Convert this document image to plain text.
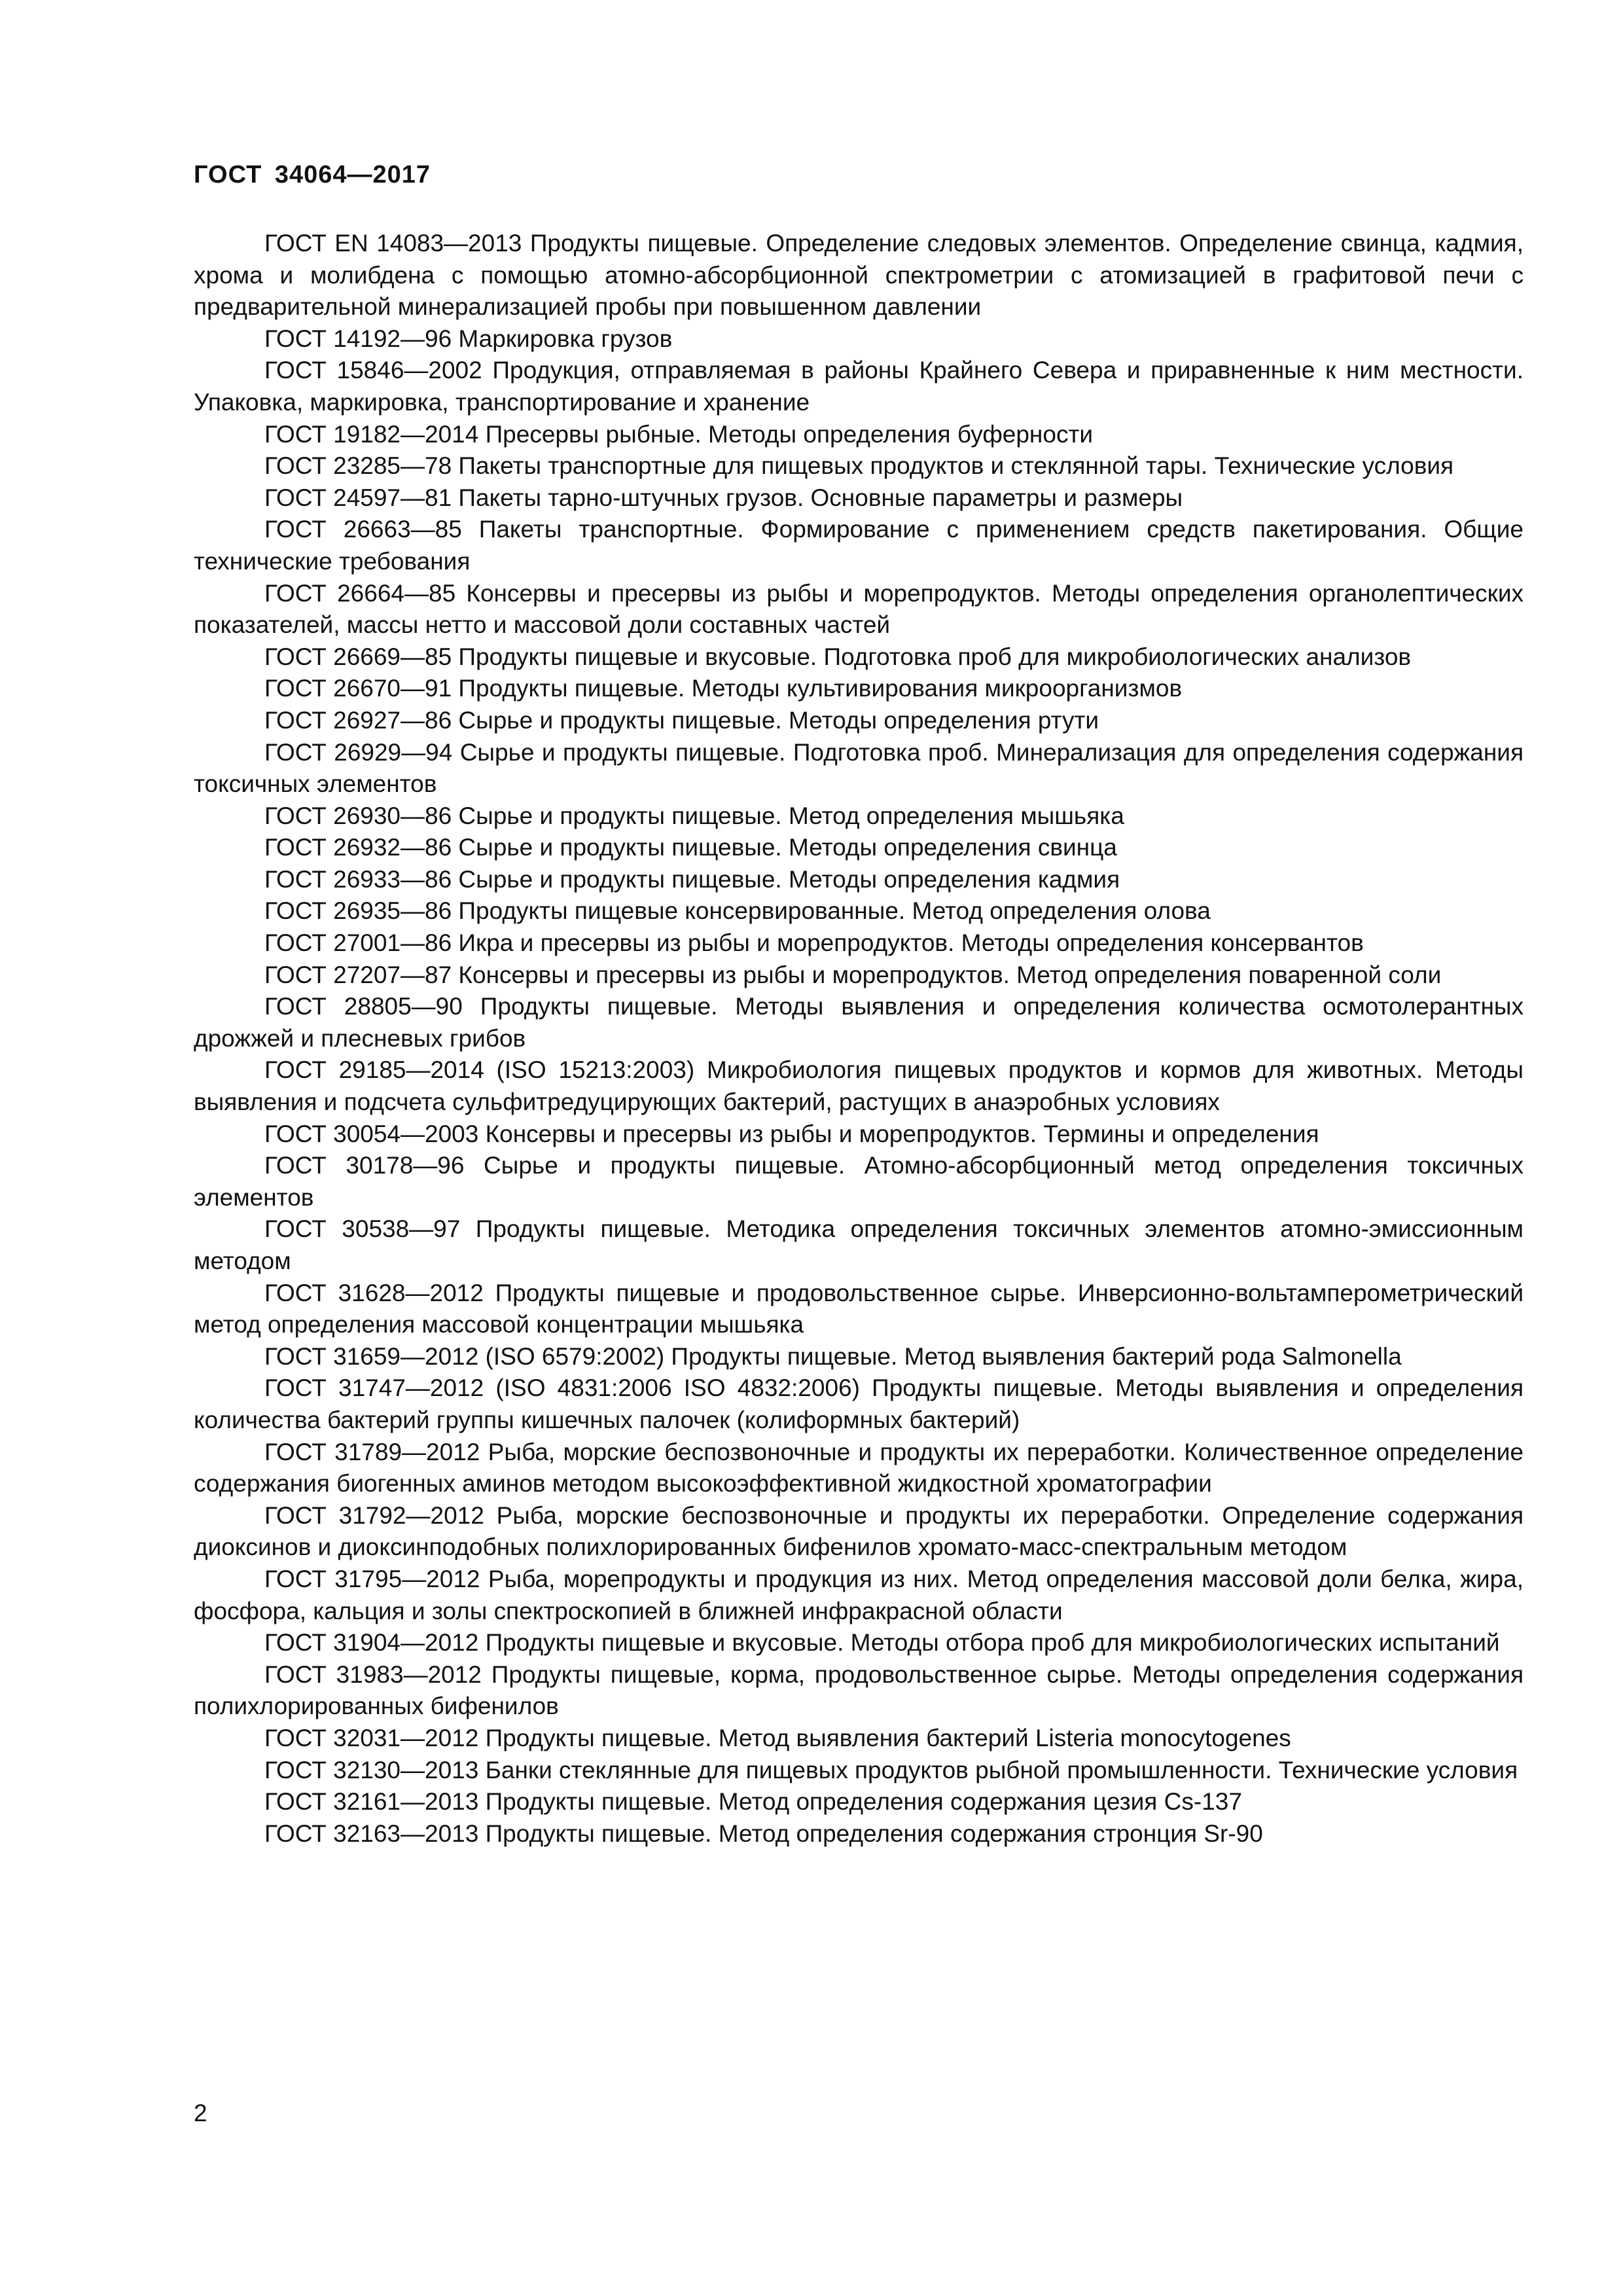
ГОСТ 34064—2017

ГОСТ EN 14083—2013 Продукты пищевые. Определение следовых элементов. Определение свинца, кадмия, хрома и молибдена с помощью атомно-абсорбционной спектрометрии с атомизацией в графитовой печи с предварительной минерализацией пробы при повышенном давлении

ГОСТ 14192—96 Маркировка грузов

ГОСТ 15846—2002 Продукция, отправляемая в районы Крайнего Севера и приравненные к ним местности. Упаковка, маркировка, транспортирование и хранение

ГОСТ 19182—2014 Пресервы рыбные. Методы определения буферности

ГОСТ 23285—78 Пакеты транспортные для пищевых продуктов и стеклянной тары. Технические условия

ГОСТ 24597—81 Пакеты тарно-штучных грузов. Основные параметры и размеры

ГОСТ 26663—85 Пакеты транспортные. Формирование с применением средств пакетирования. Общие технические требования

ГОСТ 26664—85 Консервы и пресервы из рыбы и морепродуктов. Методы определения органолептических показателей, массы нетто и массовой доли составных частей

ГОСТ 26669—85 Продукты пищевые и вкусовые. Подготовка проб для микробиологических анализов

ГОСТ 26670—91 Продукты пищевые. Методы культивирования микроорганизмов

ГОСТ 26927—86 Сырье и продукты пищевые. Методы определения ртути

ГОСТ 26929—94 Сырье и продукты пищевые. Подготовка проб. Минерализация для определения содержания токсичных элементов

ГОСТ 26930—86 Сырье и продукты пищевые. Метод определения мышьяка

ГОСТ 26932—86 Сырье и продукты пищевые. Методы определения свинца

ГОСТ 26933—86 Сырье и продукты пищевые. Методы определения кадмия

ГОСТ 26935—86 Продукты пищевые консервированные. Метод определения олова

ГОСТ 27001—86 Икра и пресервы из рыбы и морепродуктов. Методы определения консервантов

ГОСТ 27207—87 Консервы и пресервы из рыбы и морепродуктов. Метод определения поваренной соли

ГОСТ 28805—90 Продукты пищевые. Методы выявления и определения количества осмотолерантных дрожжей и плесневых грибов

ГОСТ 29185—2014 (ISO 15213:2003) Микробиология пищевых продуктов и кормов для животных. Методы выявления и подсчета сульфитредуцирующих бактерий, растущих в анаэробных условиях

ГОСТ 30054—2003 Консервы и пресервы из рыбы и морепродуктов. Термины и определения

ГОСТ 30178—96 Сырье и продукты пищевые. Атомно-абсорбционный метод определения токсичных элементов

ГОСТ 30538—97 Продукты пищевые. Методика определения токсичных элементов атомно-эмиссионным методом

ГОСТ 31628—2012 Продукты пищевые и продовольственное сырье. Инверсионно-вольтамперометрический метод определения массовой концентрации мышьяка

ГОСТ 31659—2012 (ISO 6579:2002) Продукты пищевые. Метод выявления бактерий рода Salmonella

ГОСТ 31747—2012 (ISO 4831:2006 ISO 4832:2006) Продукты пищевые. Методы выявления и определения количества бактерий группы кишечных палочек (колиформных бактерий)

ГОСТ 31789—2012 Рыба, морские беспозвоночные и продукты их переработки. Количественное определение содержания биогенных аминов методом высокоэффективной жидкостной хроматографии

ГОСТ 31792—2012 Рыба, морские беспозвоночные и продукты их переработки. Определение содержания диоксинов и диоксинподобных полихлорированных бифенилов хромато-масс-спектральным методом

ГОСТ 31795—2012 Рыба, морепродукты и продукция из них. Метод определения массовой доли белка, жира, фосфора, кальция и золы спектроскопией в ближней инфракрасной области

ГОСТ 31904—2012 Продукты пищевые и вкусовые. Методы отбора проб для микробиологических испытаний

ГОСТ 31983—2012 Продукты пищевые, корма, продовольственное сырье. Методы определения содержания полихлорированных бифенилов

ГОСТ 32031—2012 Продукты пищевые. Метод выявления бактерий Listeria monocytogenes

ГОСТ 32130—2013 Банки стеклянные для пищевых продуктов рыбной промышленности. Технические условия

ГОСТ 32161—2013 Продукты пищевые. Метод определения содержания цезия Cs-137

ГОСТ 32163—2013 Продукты пищевые. Метод определения содержания стронция Sr-90

2
